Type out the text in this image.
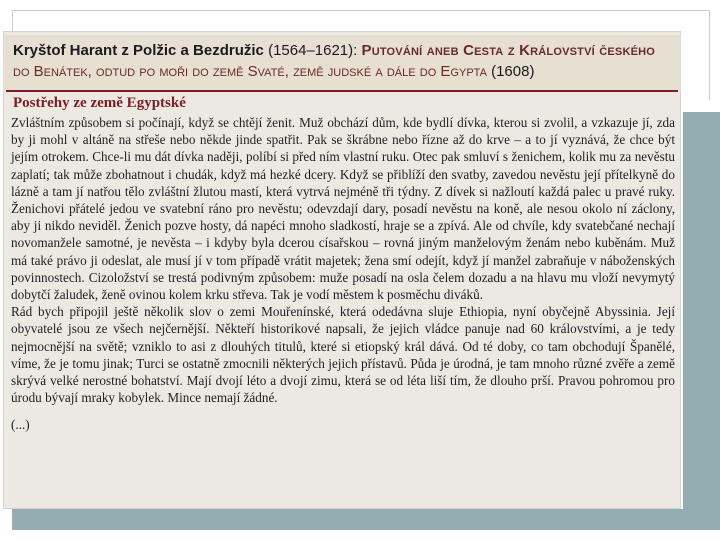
Kryštof Harant z Polžic a Bezdružic (1564–1621): Putování aneb Cesta z Království českého
do Benátek, odtud po moři do země Svaté, země judské a dále do Egypta (1608)
Postřehy ze země Egyptské

Zvláštním způsobem si počínají, když se chtějí ženit. Muž obchází dům, kde bydlí dívka, kterou si zvolil, a vzkazuje jí, zda by ji mohl v altáně na střeše nebo někde jinde spatřit. Pak se škrábne nebo řízne až do krve – a to jí vyznává, že chce být jejím otrokem. Chce-li mu dát dívka naději, políbí si před ním vlastní ruku. Otec pak smluví s ženichem, kolik mu za nevěstu zaplatí; tak může zbohatnout i chudák, když má hezké dcery. Když se přiblíží den svatby, zavedou nevěstu její přítelkyně do lázně a tam jí natřou tělo zvláštní žlutou mastí, která vytrvá nejméně tři týdny. Z dívek si nažloutí každá palec u pravé ruky. Ženichovi přátelé jedou ve svatební ráno pro nevěstu; odevzdají dary, posadí nevěstu na koně, ale nesou okolo ní záclony, aby ji nikdo neviděl. Ženich pozve hosty, dá napéci mnoho sladkostí, hraje se a zpívá. Ale od chvíle, kdy svatebčané nechají novomanžele samotné, je nevěsta – i kdyby byla dcerou císařskou – rovná jiným manželovým ženám nebo kuběnám. Muž má také právo ji odeslat, ale musí jí v tom případě vrátit majetek; žena smí odejít, když jí manžel zabraňuje v náboženských povinnostech. Cizoložství se trestá podivným způsobem: muže posadí na osla čelem dozadu a na hlavu mu vloží nevymytý dobytčí žaludek, ženě ovinou kolem krku střeva. Tak je vodí městem k posměchu diváků.

Rád bych připojil ještě několik slov o zemi Mouřenínské, která odedávna sluje Ethiopia, nyní obyčejně Abyssinia. Její obyvatelé jsou ze všech nejčernější. Někteří historikové napsali, že jejich vládce panuje nad 60 královstvími, a je tedy nejmocnější na světě; vzniklo to asi z dlouhých titulů, které si etiopský král dává. Od té doby, co tam obchodují Španělé, víme, že je tomu jinak; Turci se ostatně zmocnili některých jejich přístavů. Půda je úrodná, je tam mnoho různé zvěře a země skrývá velké nerostné bohatství. Mají dvojí léto a dvojí zimu, která se od léta liší tím, že dlouho prší. Pravou pohromou pro úrodu bývají mraky kobylek. Mince nemají žádné.

(...)
